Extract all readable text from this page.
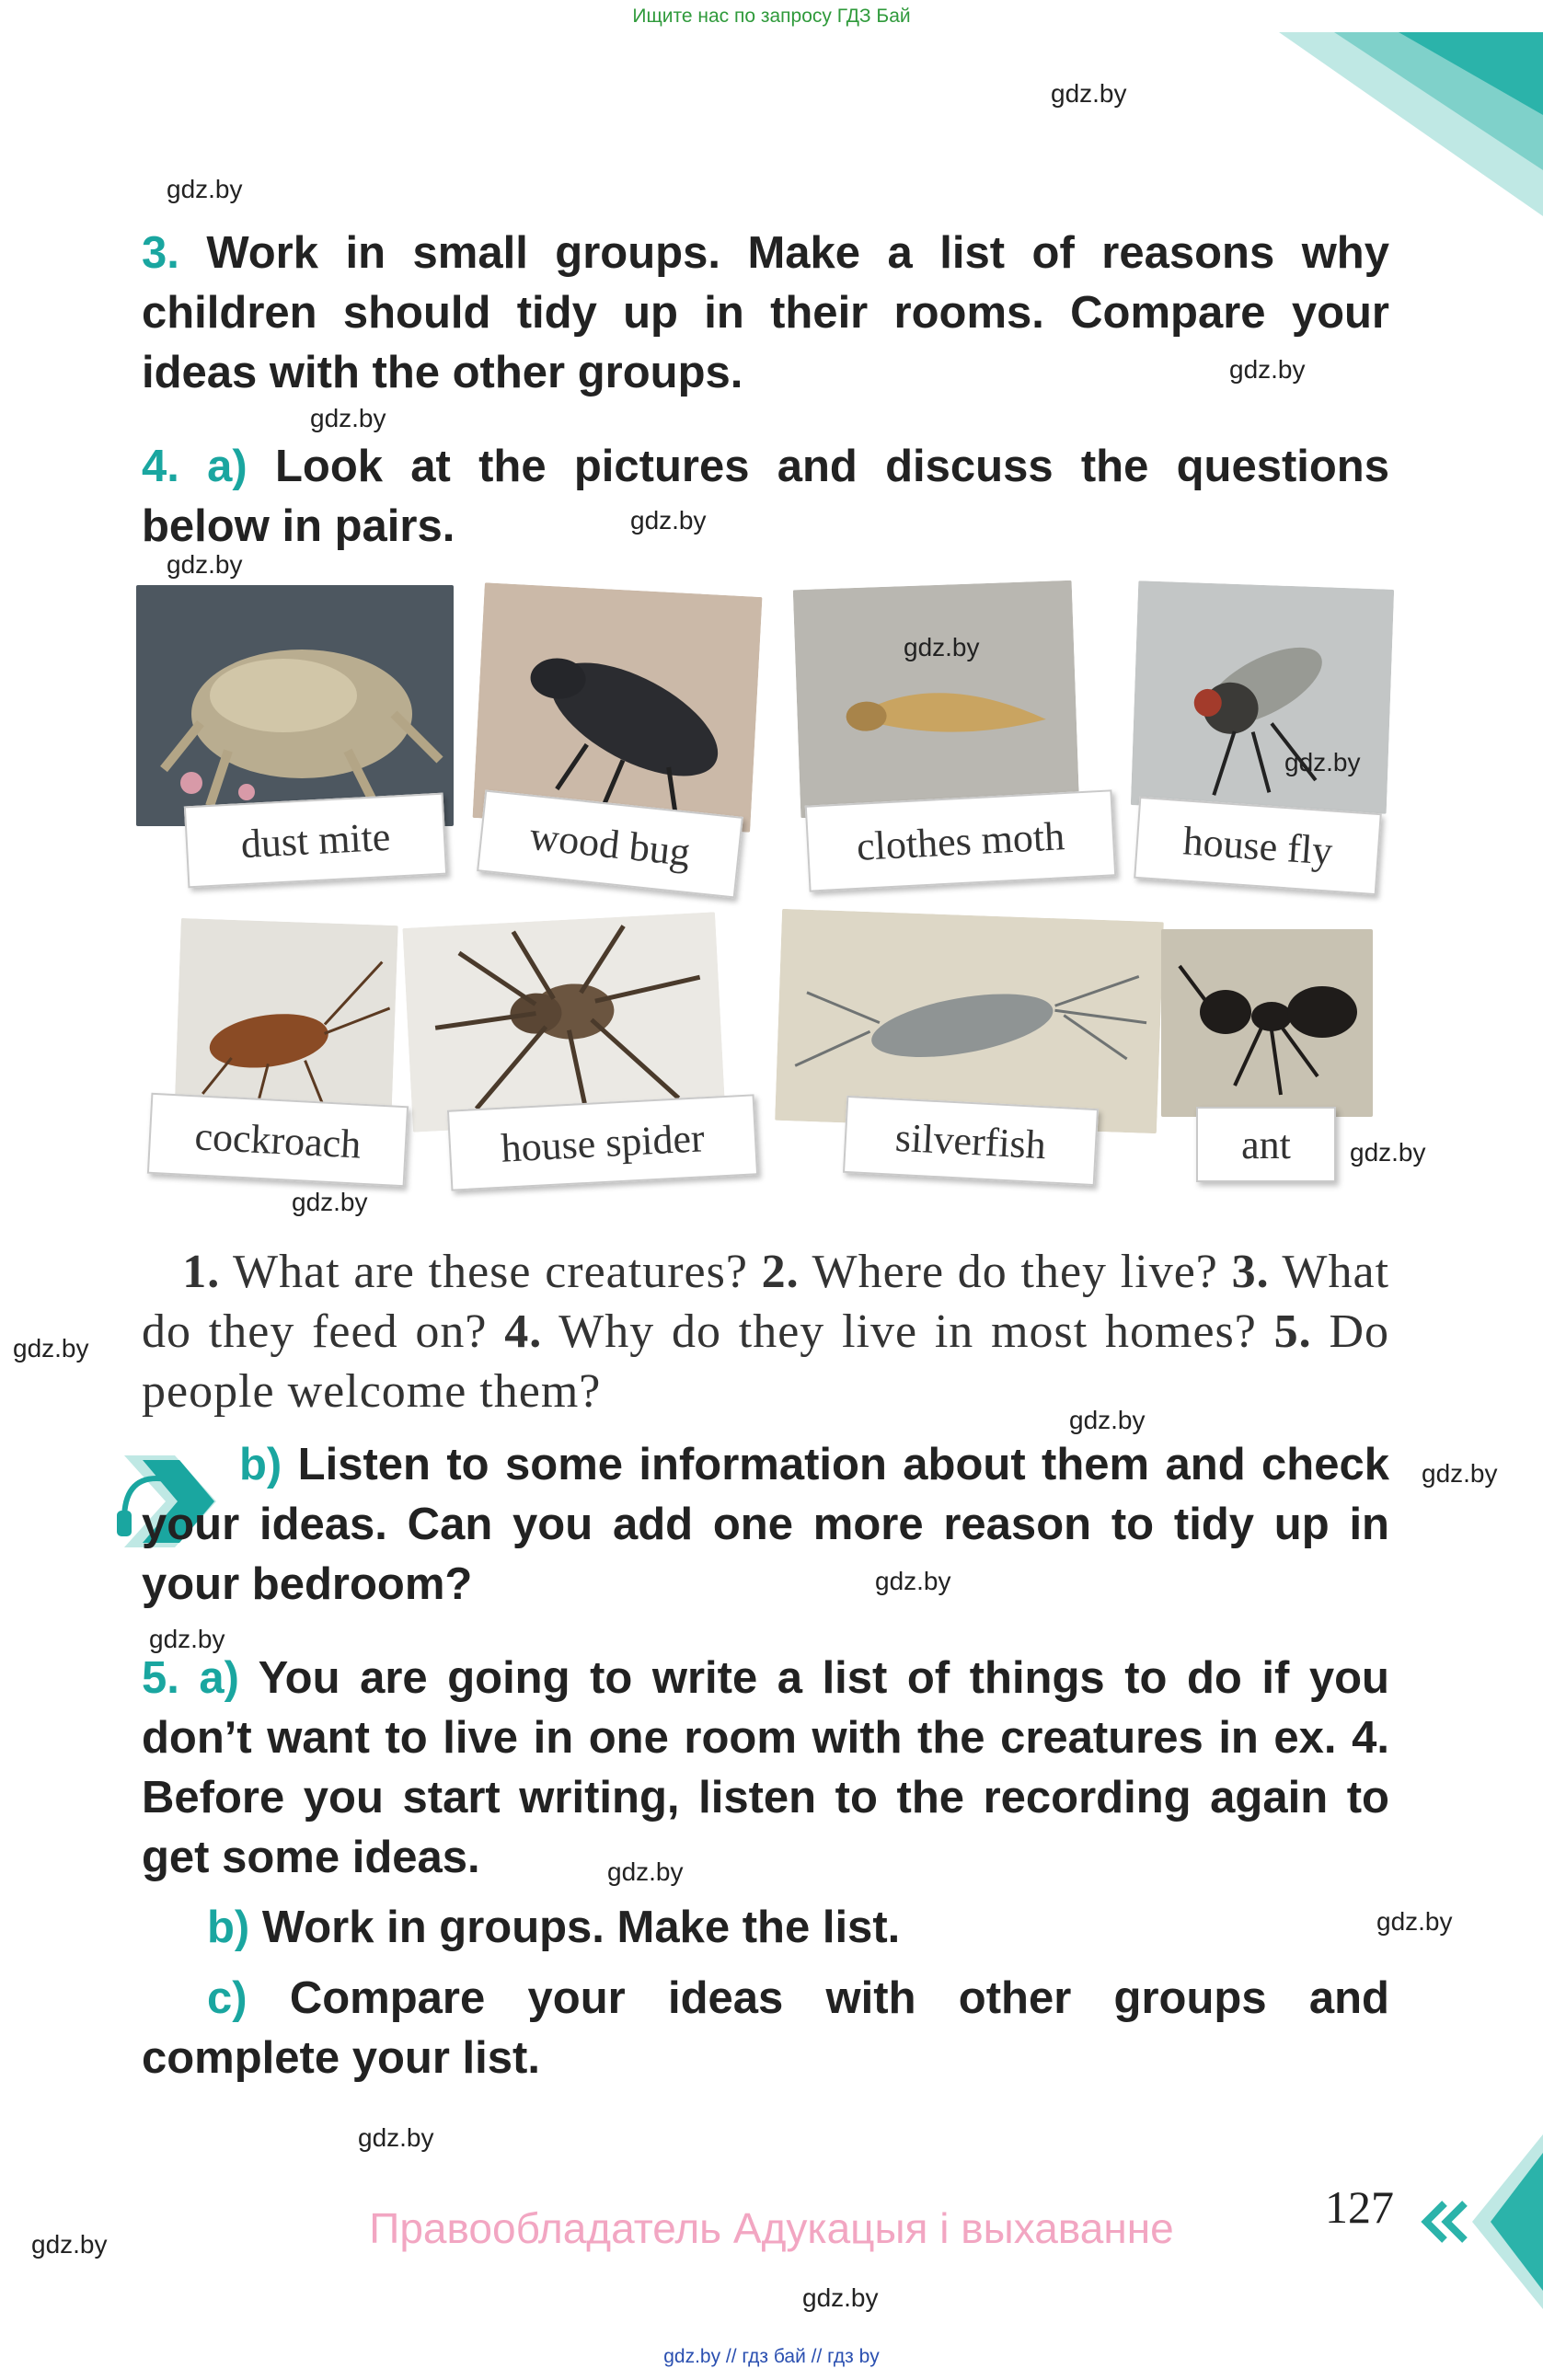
Ищите нас по запросу ГДЗ Бай
gdz.by
gdz.by
gdz.by
gdz.by
gdz.by
gdz.by
3. Work in small groups. Make a list of reasons why children should tidy up in their rooms. Compare your ideas with the other groups.
4. a) Look at the pictures and discuss the questions below in pairs.
dust mite	wood bug	clothes moth	house fly
cockroach	house spider	silverfish	ant
gdz.by
gdz.by
gdz.by
gdz.by
1. What are these creatures? 2. Where do they live? 3. What do they feed on? 4. Why do they live in most homes? 5. Do people welcome them?
gdz.by
gdz.by
b) Listen to some information about them and check your ideas. Can you add one more reason to tidy up in your bedroom?
gdz.by
gdz.by
gdz.by
5. a) You are going to write a list of things to do if you don’t want to live in one room with the creatures in ex. 4. Before you start writing, listen to the recording again to get some ideas.	gdz.by
b) Work in groups. Make the list.	gdz.by
c) Compare your ideas with other groups and complete your list.
gdz.by
127
Правообладатель Адукацыя і выхаванне
gdz.by
gdz.by
gdz.by // гдз бай // гдз by
